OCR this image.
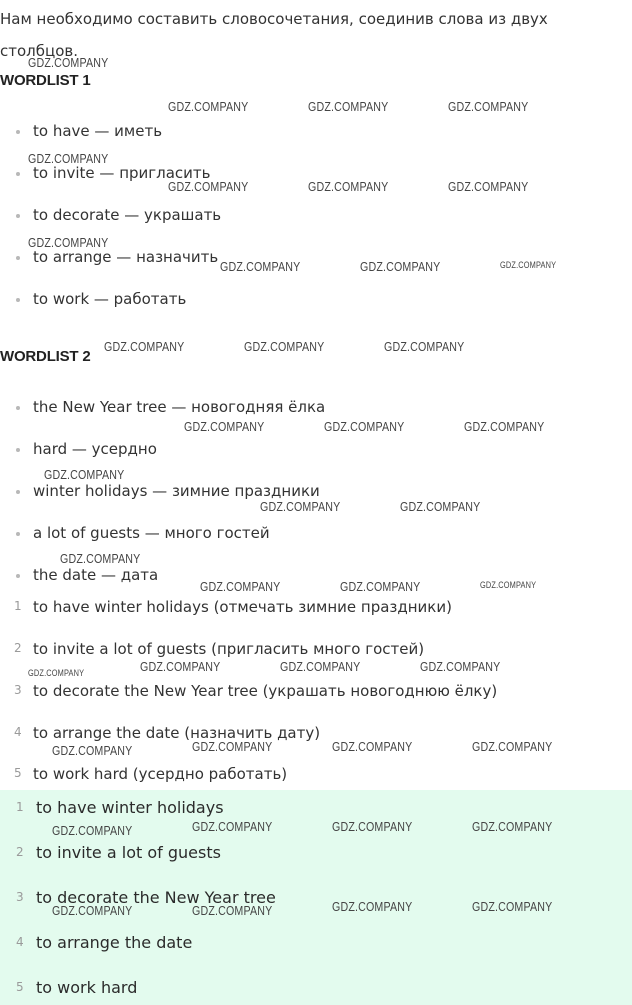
Нам необходимо составить словосочетания, соединив слова из двух столбцов.

WORDLIST 1

to have — иметь
to invite — пригласить
to decorate — украшать
to arrange — назначить
to work — работать

WORDLIST 2

the New Year tree — новогодняя ёлка
hard — усердно
winter holidays — зимние праздники
a lot of guests — много гостей
the date — дата
1 to have winter holidays (отмечать зимние праздники)
2 to invite a lot of guests (пригласить много гостей)
3 to decorate the New Year tree (украшать новогоднюю ёлку)
4 to arrange the date (назначить дату)
5 to work hard (усердно работать)
1 to have winter holidays
2 to invite a lot of guests
3 to decorate the New Year tree
4 to arrange the date
5 to work hard
GDZ.COMPANY
GDZ.COMPANY	GDZ.COMPANY	GDZ.COMPANY
GDZ.COMPANY
GDZ.COMPANY	GDZ.COMPANY	GDZ.COMPANY
GDZ.COMPANY
GDZ.COMPANY	GDZ.COMPANY	GDZ.COMPANY
GDZ.COMPANY	GDZ.COMPANY	GDZ.COMPANY
GDZ.COMPANY	GDZ.COMPANY	GDZ.COMPANY
GDZ.COMPANY
GDZ.COMPANY	GDZ.COMPANY
GDZ.COMPANY
GDZ.COMPANY	GDZ.COMPANY	GDZ.COMPANY
GDZ.COMPANY	GDZ.COMPANY	GDZ.COMPANY
GDZ.COMPANY
GDZ.COMPANY	GDZ.COMPANY	GDZ.COMPANY	GDZ.COMPANY
GDZ.COMPANY	GDZ.COMPANY	GDZ.COMPANY	GDZ.COMPANY
GDZ.COMPANY	GDZ.COMPANY	GDZ.COMPANY	GDZ.COMPANY
